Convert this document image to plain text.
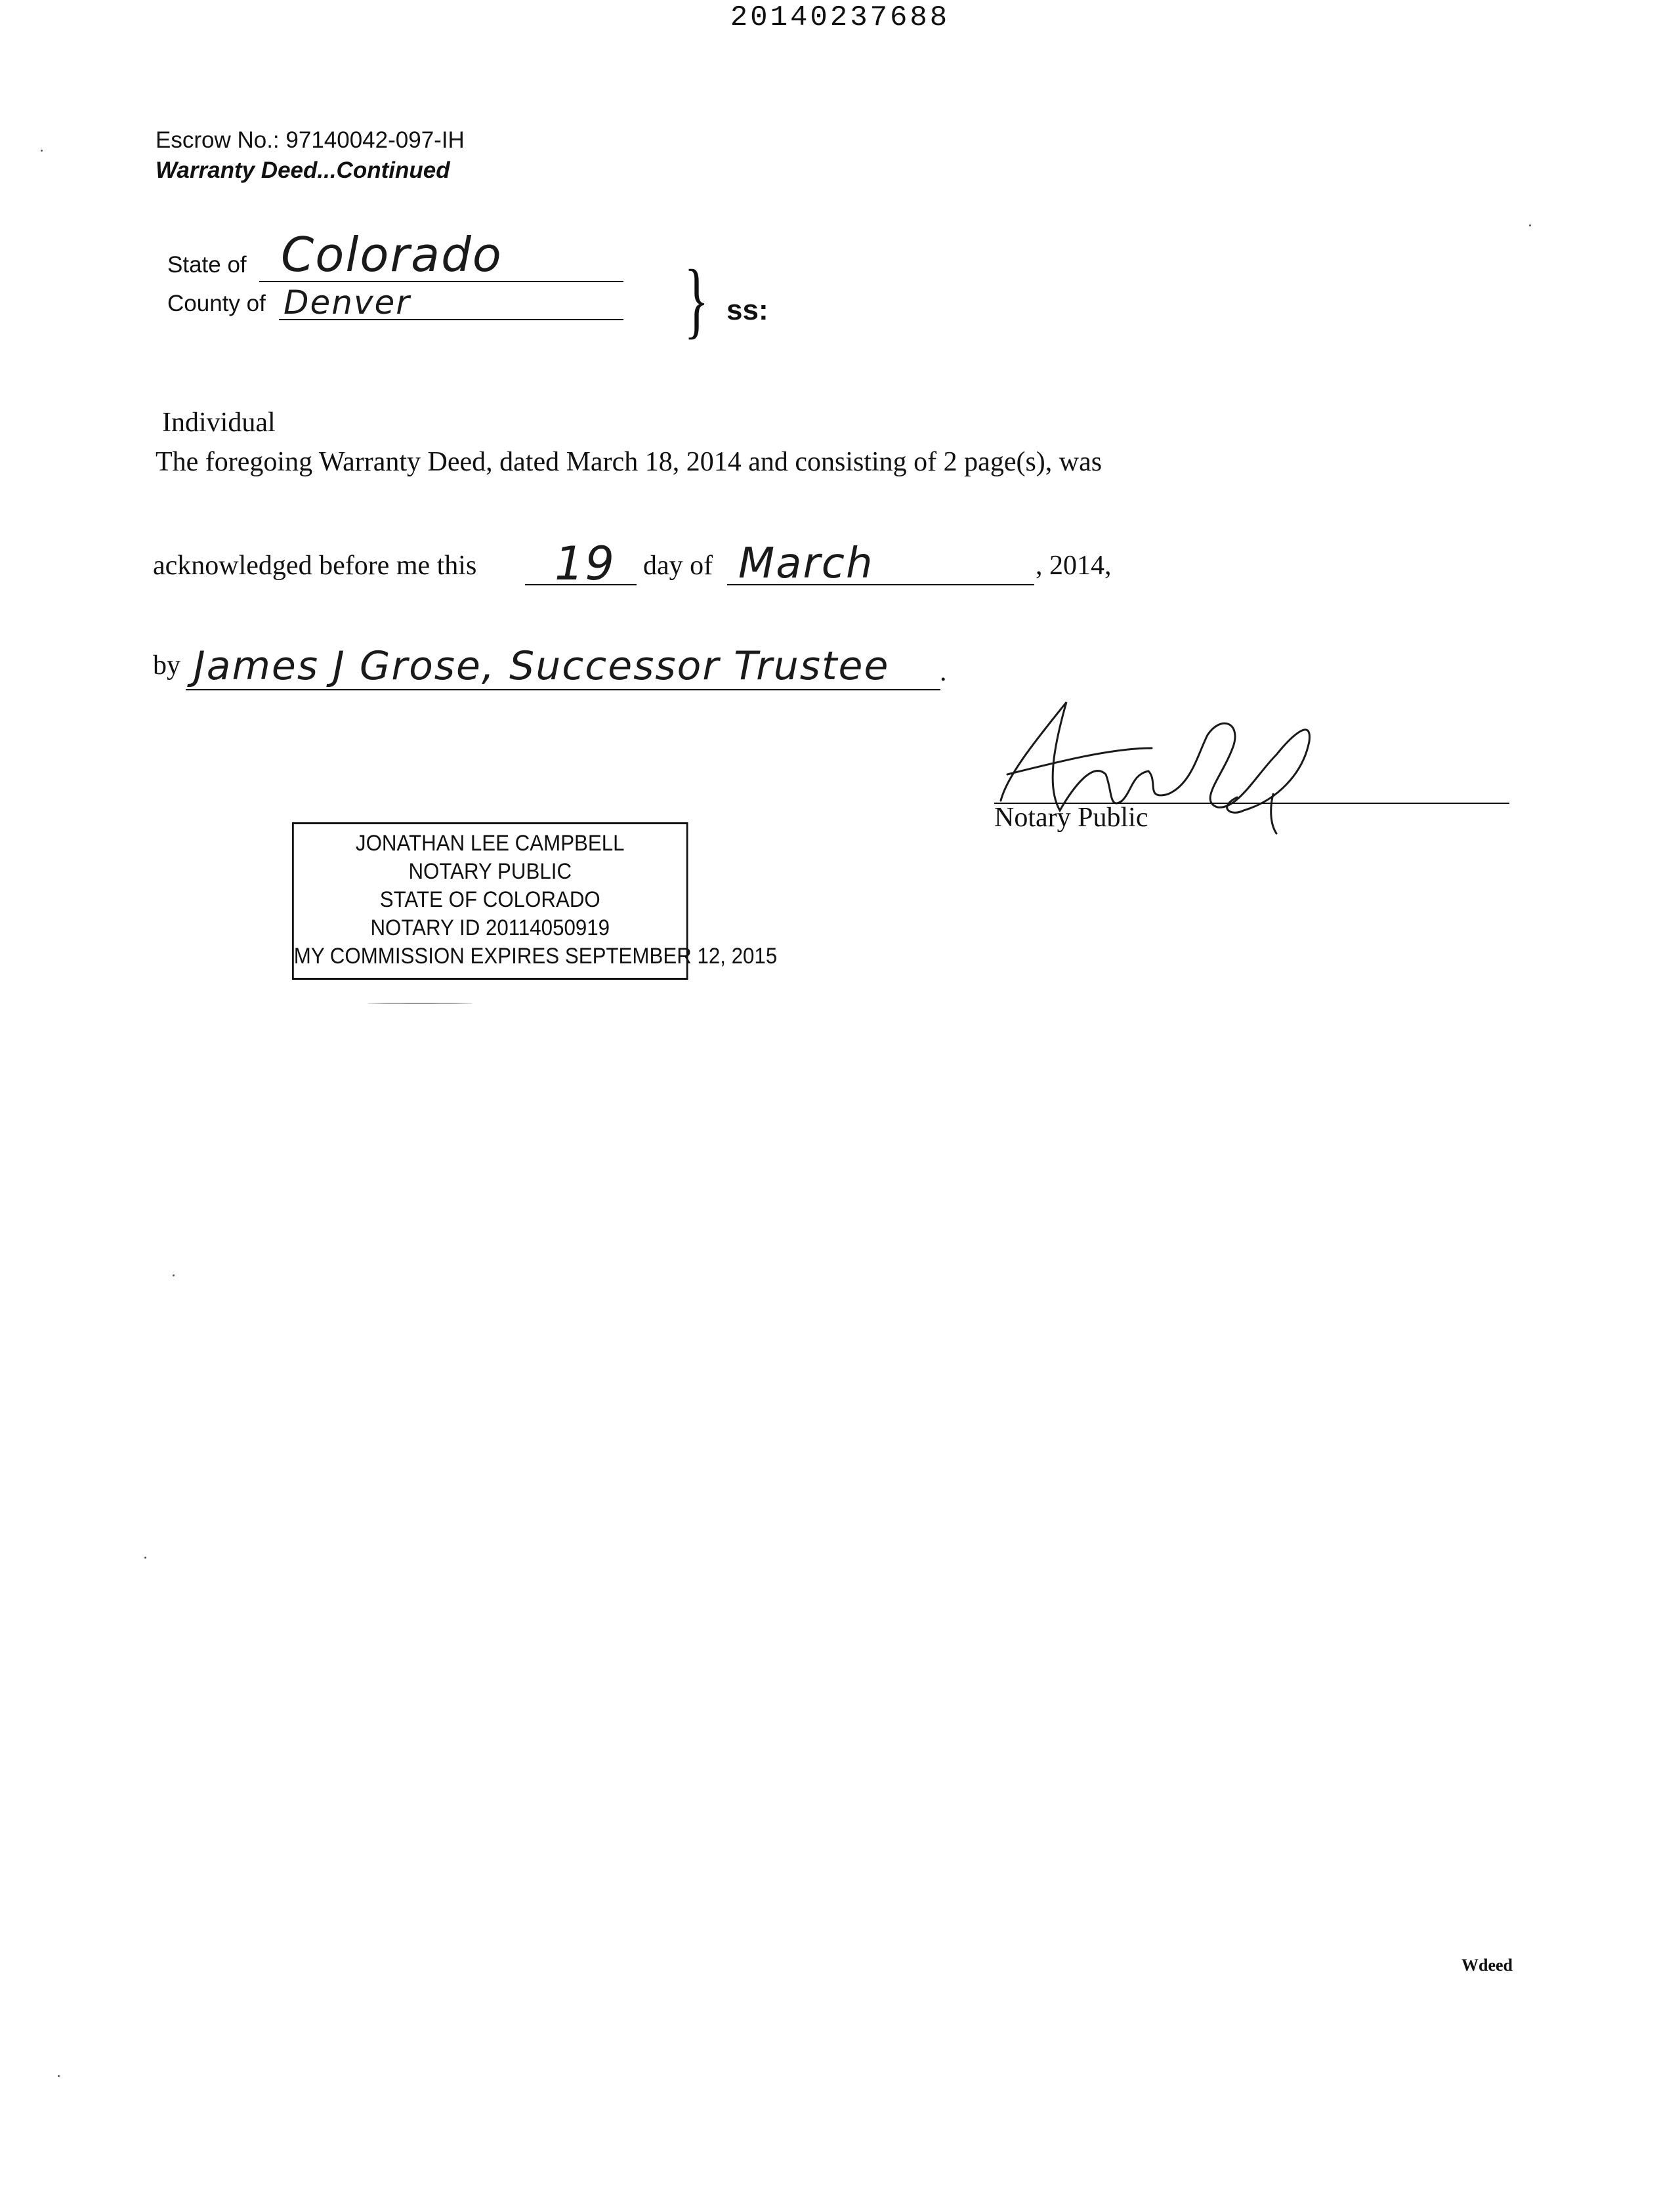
20140237688
Escrow No.: 97140042-097-IH
Warranty Deed...Continued
State of Colorado
County of Denver	} ss:
Individual
The foregoing Warranty Deed, dated March 18, 2014 and consisting of 2 page(s), was
acknowledged before me this 19 day of March	, 2014,
by James J Grose, Successor Trustee .
Notary Public
JONATHAN LEE CAMPBELL
NOTARY PUBLIC
STATE OF COLORADO
NOTARY ID 20114050919
MY COMMISSION EXPIRES SEPTEMBER 12, 2015
Wdeed
